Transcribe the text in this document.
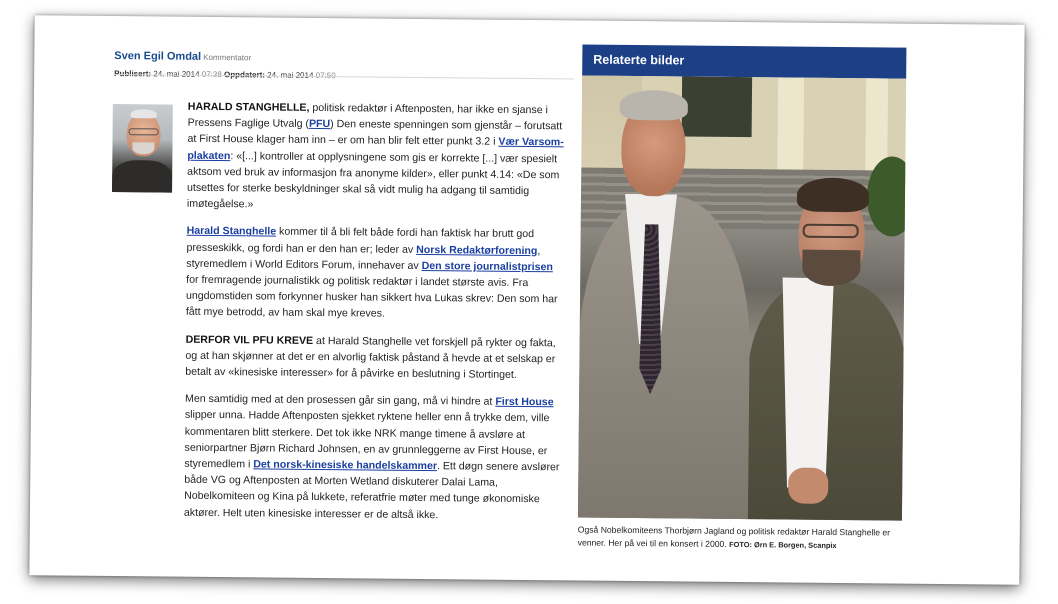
Sven Egil Omdal Kommentator

HARALD STANGHELLE, politisk redaktør i Aftenposten, har ikke en sjanse i Pressens Faglige Utvalg (PFU) Den eneste spenningen som gjenstår – forutsatt at First House klager ham inn – er om han blir felt etter punkt 3.2 i Vær Varsom-plakaten: «[...] kontroller at opplysningene som gis er korrekte [...] vær spesielt aktsom ved bruk av informasjon fra anonyme kilder», eller punkt 4.14: «De som utsettes for sterke beskyldninger skal så vidt mulig ha adgang til samtidig imøtegåelse.»

Harald Stanghelle kommer til å bli felt både fordi han faktisk har brutt god presseskikk, og fordi han er den han er; leder av Norsk Redaktørforening, styremedlem i World Editors Forum, innehaver av Den store journalistprisen for fremragende journalistikk og politisk redaktør i landet største avis. Fra ungdomstiden som forkynner husker han sikkert hva Lukas skrev: Den som har fått mye betrodd, av ham skal mye kreves.

DERFOR VIL PFU KREVE at Harald Stanghelle vet forskjell på rykter og fakta, og at han skjønner at det er en alvorlig faktisk påstand å hevde at et selskap er betalt av «kinesiske interesser» for å påvirke en beslutning i Stortinget.

Men samtidig med at den prosessen går sin gang, må vi hindre at First House slipper unna. Hadde Aftenposten sjekket ryktene heller enn å trykke dem, ville kommentaren blitt sterkere. Det tok ikke NRK mange timene å avsløre at seniorpartner Bjørn Richard Johnsen, en av grunnleggerne av First House, er styremedlem i Det norsk-kinesiske handelskammer. Ett døgn senere avslører både VG og Aftenposten at Morten Wetland diskuterer Dalai Lama, Nobelkomiteen og Kina på lukkete, referatfrie møter med tunge økonomiske aktører. Helt uten kinesiske interesser er de altså ikke.

Relaterte bilder
Også Nobelkomiteens Thorbjørn Jagland og politisk redaktør Harald Stanghelle er venner. Her på vei til en konsert i 2000. FOTO: Ørn E. Borgen, Scanpix
